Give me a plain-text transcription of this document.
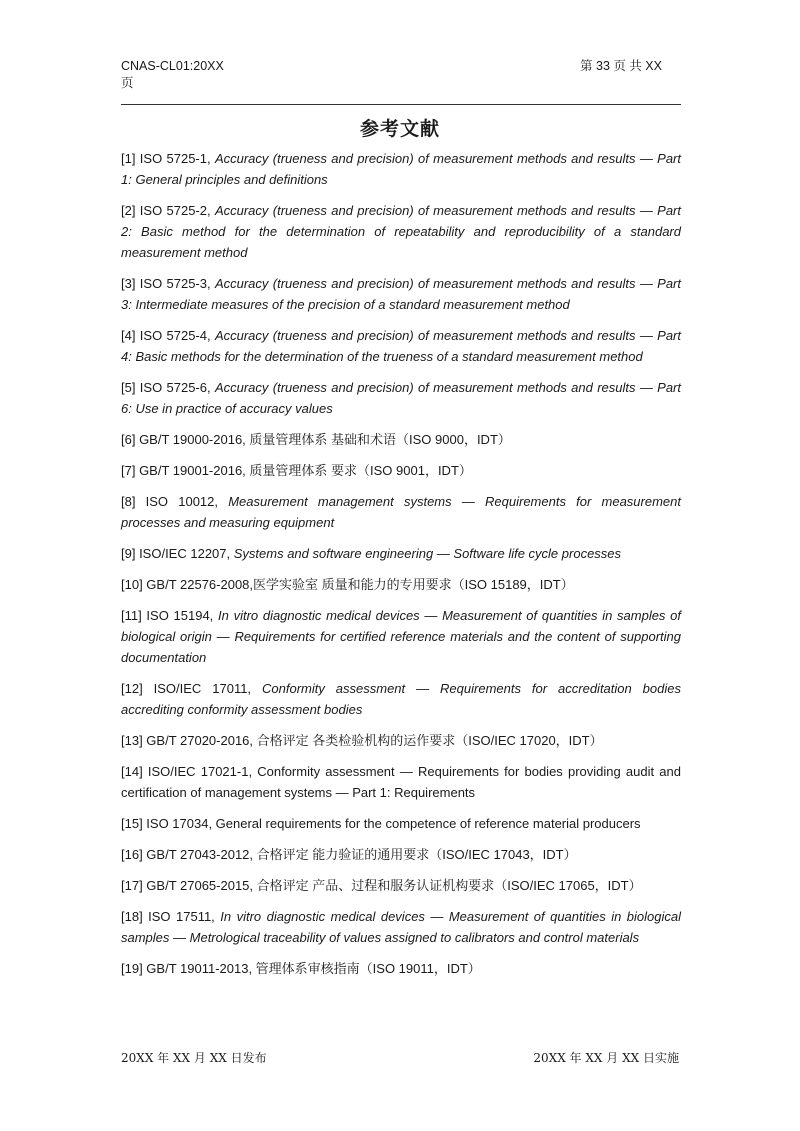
CNAS-CL01:20XX
页
第 33 页 共 XX
参考文献

[1] ISO 5725-1, Accuracy (trueness and precision) of measurement methods and results — Part 1: General principles and definitions

[2] ISO 5725-2, Accuracy (trueness and precision) of measurement methods and results — Part 2: Basic method for the determination of repeatability and reproducibility of a standard measurement method

[3] ISO 5725-3, Accuracy (trueness and precision) of measurement methods and results — Part 3: Intermediate measures of the precision of a standard measurement method

[4] ISO 5725-4, Accuracy (trueness and precision) of measurement methods and results — Part 4: Basic methods for the determination of the trueness of a standard measurement method

[5] ISO 5725-6, Accuracy (trueness and precision) of measurement methods and results — Part 6: Use in practice of accuracy values

[6] GB/T 19000-2016, 质量管理体系 基础和术语（ISO 9000，IDT）

[7] GB/T 19001-2016, 质量管理体系 要求（ISO 9001，IDT）

[8] ISO 10012, Measurement management systems — Requirements for measurement processes and measuring equipment

[9] ISO/IEC 12207, Systems and software engineering — Software life cycle processes

[10] GB/T 22576-2008,医学实验室 质量和能力的专用要求（ISO 15189，IDT）

[11] ISO 15194, In vitro diagnostic medical devices — Measurement of quantities in samples of biological origin — Requirements for certified reference materials and the content of supporting documentation

[12] ISO/IEC 17011, Conformity assessment — Requirements for accreditation bodies accrediting conformity assessment bodies

[13] GB/T 27020-2016, 合格评定 各类检验机构的运作要求（ISO/IEC 17020，IDT）

[14] ISO/IEC 17021-1, Conformity assessment — Requirements for bodies providing audit and certification of management systems — Part 1: Requirements

[15] ISO 17034, General requirements for the competence of reference material producers

[16] GB/T 27043-2012, 合格评定 能力验证的通用要求（ISO/IEC 17043，IDT）

[17] GB/T 27065-2015, 合格评定 产品、过程和服务认证机构要求（ISO/IEC 17065，IDT）

[18] ISO 17511, In vitro diagnostic medical devices — Measurement of quantities in biological samples — Metrological traceability of values assigned to calibrators and control materials

[19] GB/T 19011-2013, 管理体系审核指南（ISO 19011，IDT）

20XX 年 XX 月 XX 日发布	20XX 年 XX 月 XX 日实施
